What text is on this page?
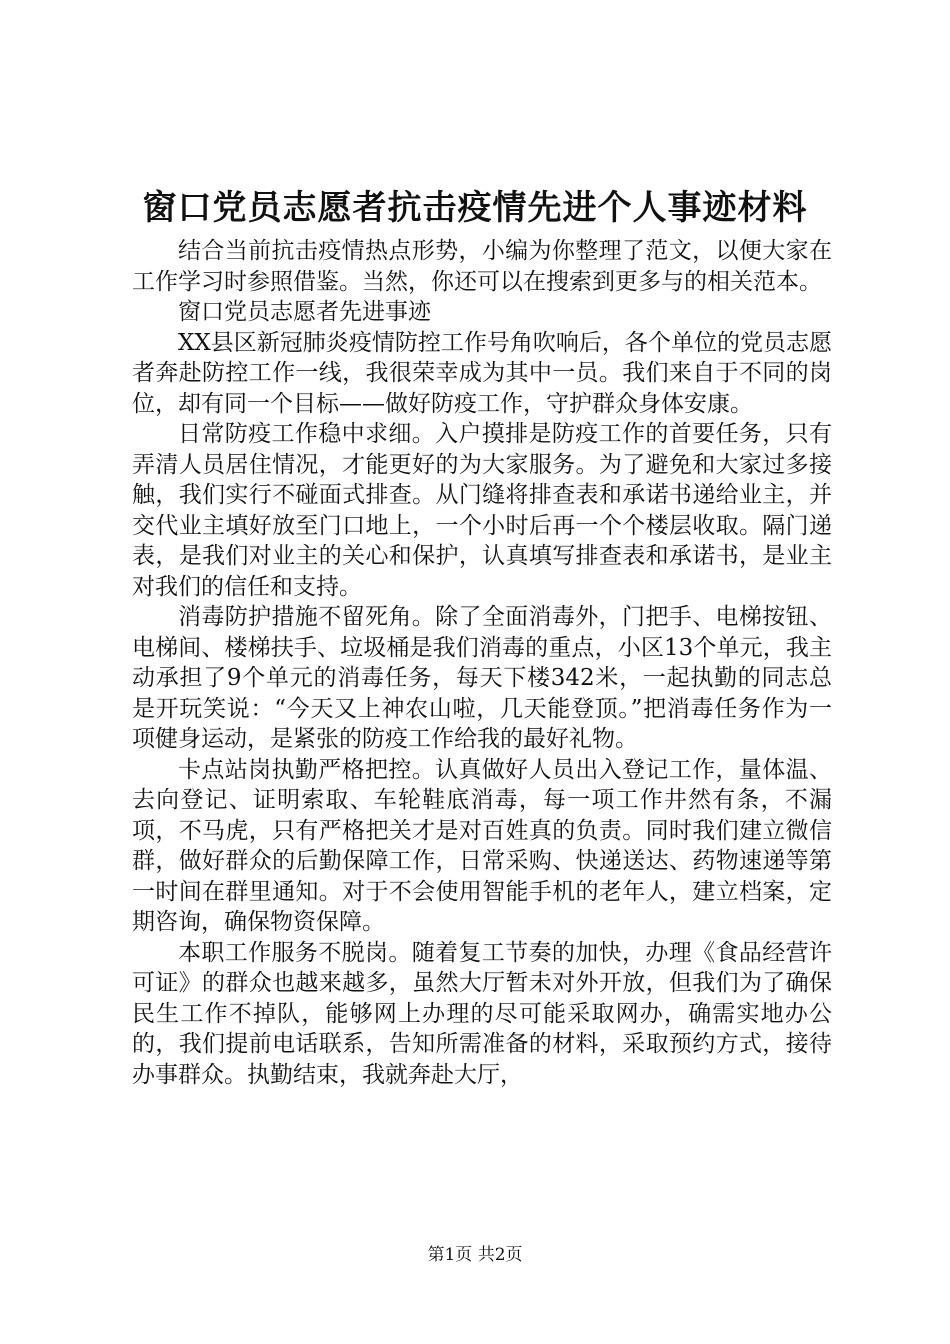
窗口党员志愿者抗击疫情先进个人事迹材料

结合当前抗击疫情热点形势，小编为你整理了范文，以便大家在工作学习时参照借鉴。当然，你还可以在搜索到更多与的相关范本。

窗口党员志愿者先进事迹

XX县区新冠肺炎疫情防控工作号角吹响后，各个单位的党员志愿者奔赴防控工作一线，我很荣幸成为其中一员。我们来自于不同的岗位，却有同一个目标——做好防疫工作，守护群众身体安康。

日常防疫工作稳中求细。入户摸排是防疫工作的首要任务，只有弄清人员居住情况，才能更好的为大家服务。为了避免和大家过多接触，我们实行不碰面式排查。从门缝将排查表和承诺书递给业主，并交代业主填好放至门口地上，一个小时后再一个个楼层收取。隔门递表，是我们对业主的关心和保护，认真填写排查表和承诺书，是业主对我们的信任和支持。

消毒防护措施不留死角。除了全面消毒外，门把手、电梯按钮、电梯间、楼梯扶手、垃圾桶是我们消毒的重点，小区13个单元，我主动承担了9个单元的消毒任务，每天下楼342米，一起执勤的同志总是开玩笑说：“今天又上神农山啦，几天能登顶。”把消毒任务作为一项健身运动，是紧张的防疫工作给我的最好礼物。

卡点站岗执勤严格把控。认真做好人员出入登记工作，量体温、去向登记、证明索取、车轮鞋底消毒，每一项工作井然有条，不漏项，不马虎，只有严格把关才是对百姓真的负责。同时我们建立微信群，做好群众的后勤保障工作，日常采购、快递送达、药物速递等第一时间在群里通知。对于不会使用智能手机的老年人，建立档案，定期咨询，确保物资保障。

本职工作服务不脱岗。随着复工节奏的加快，办理《食品经营许可证》的群众也越来越多，虽然大厅暂未对外开放，但我们为了确保民生工作不掉队，能够网上办理的尽可能采取网办，确需实地办公的，我们提前电话联系，告知所需准备的材料，采取预约方式，接待办事群众。执勤结束，我就奔赴大厅，

第1页 共2页
